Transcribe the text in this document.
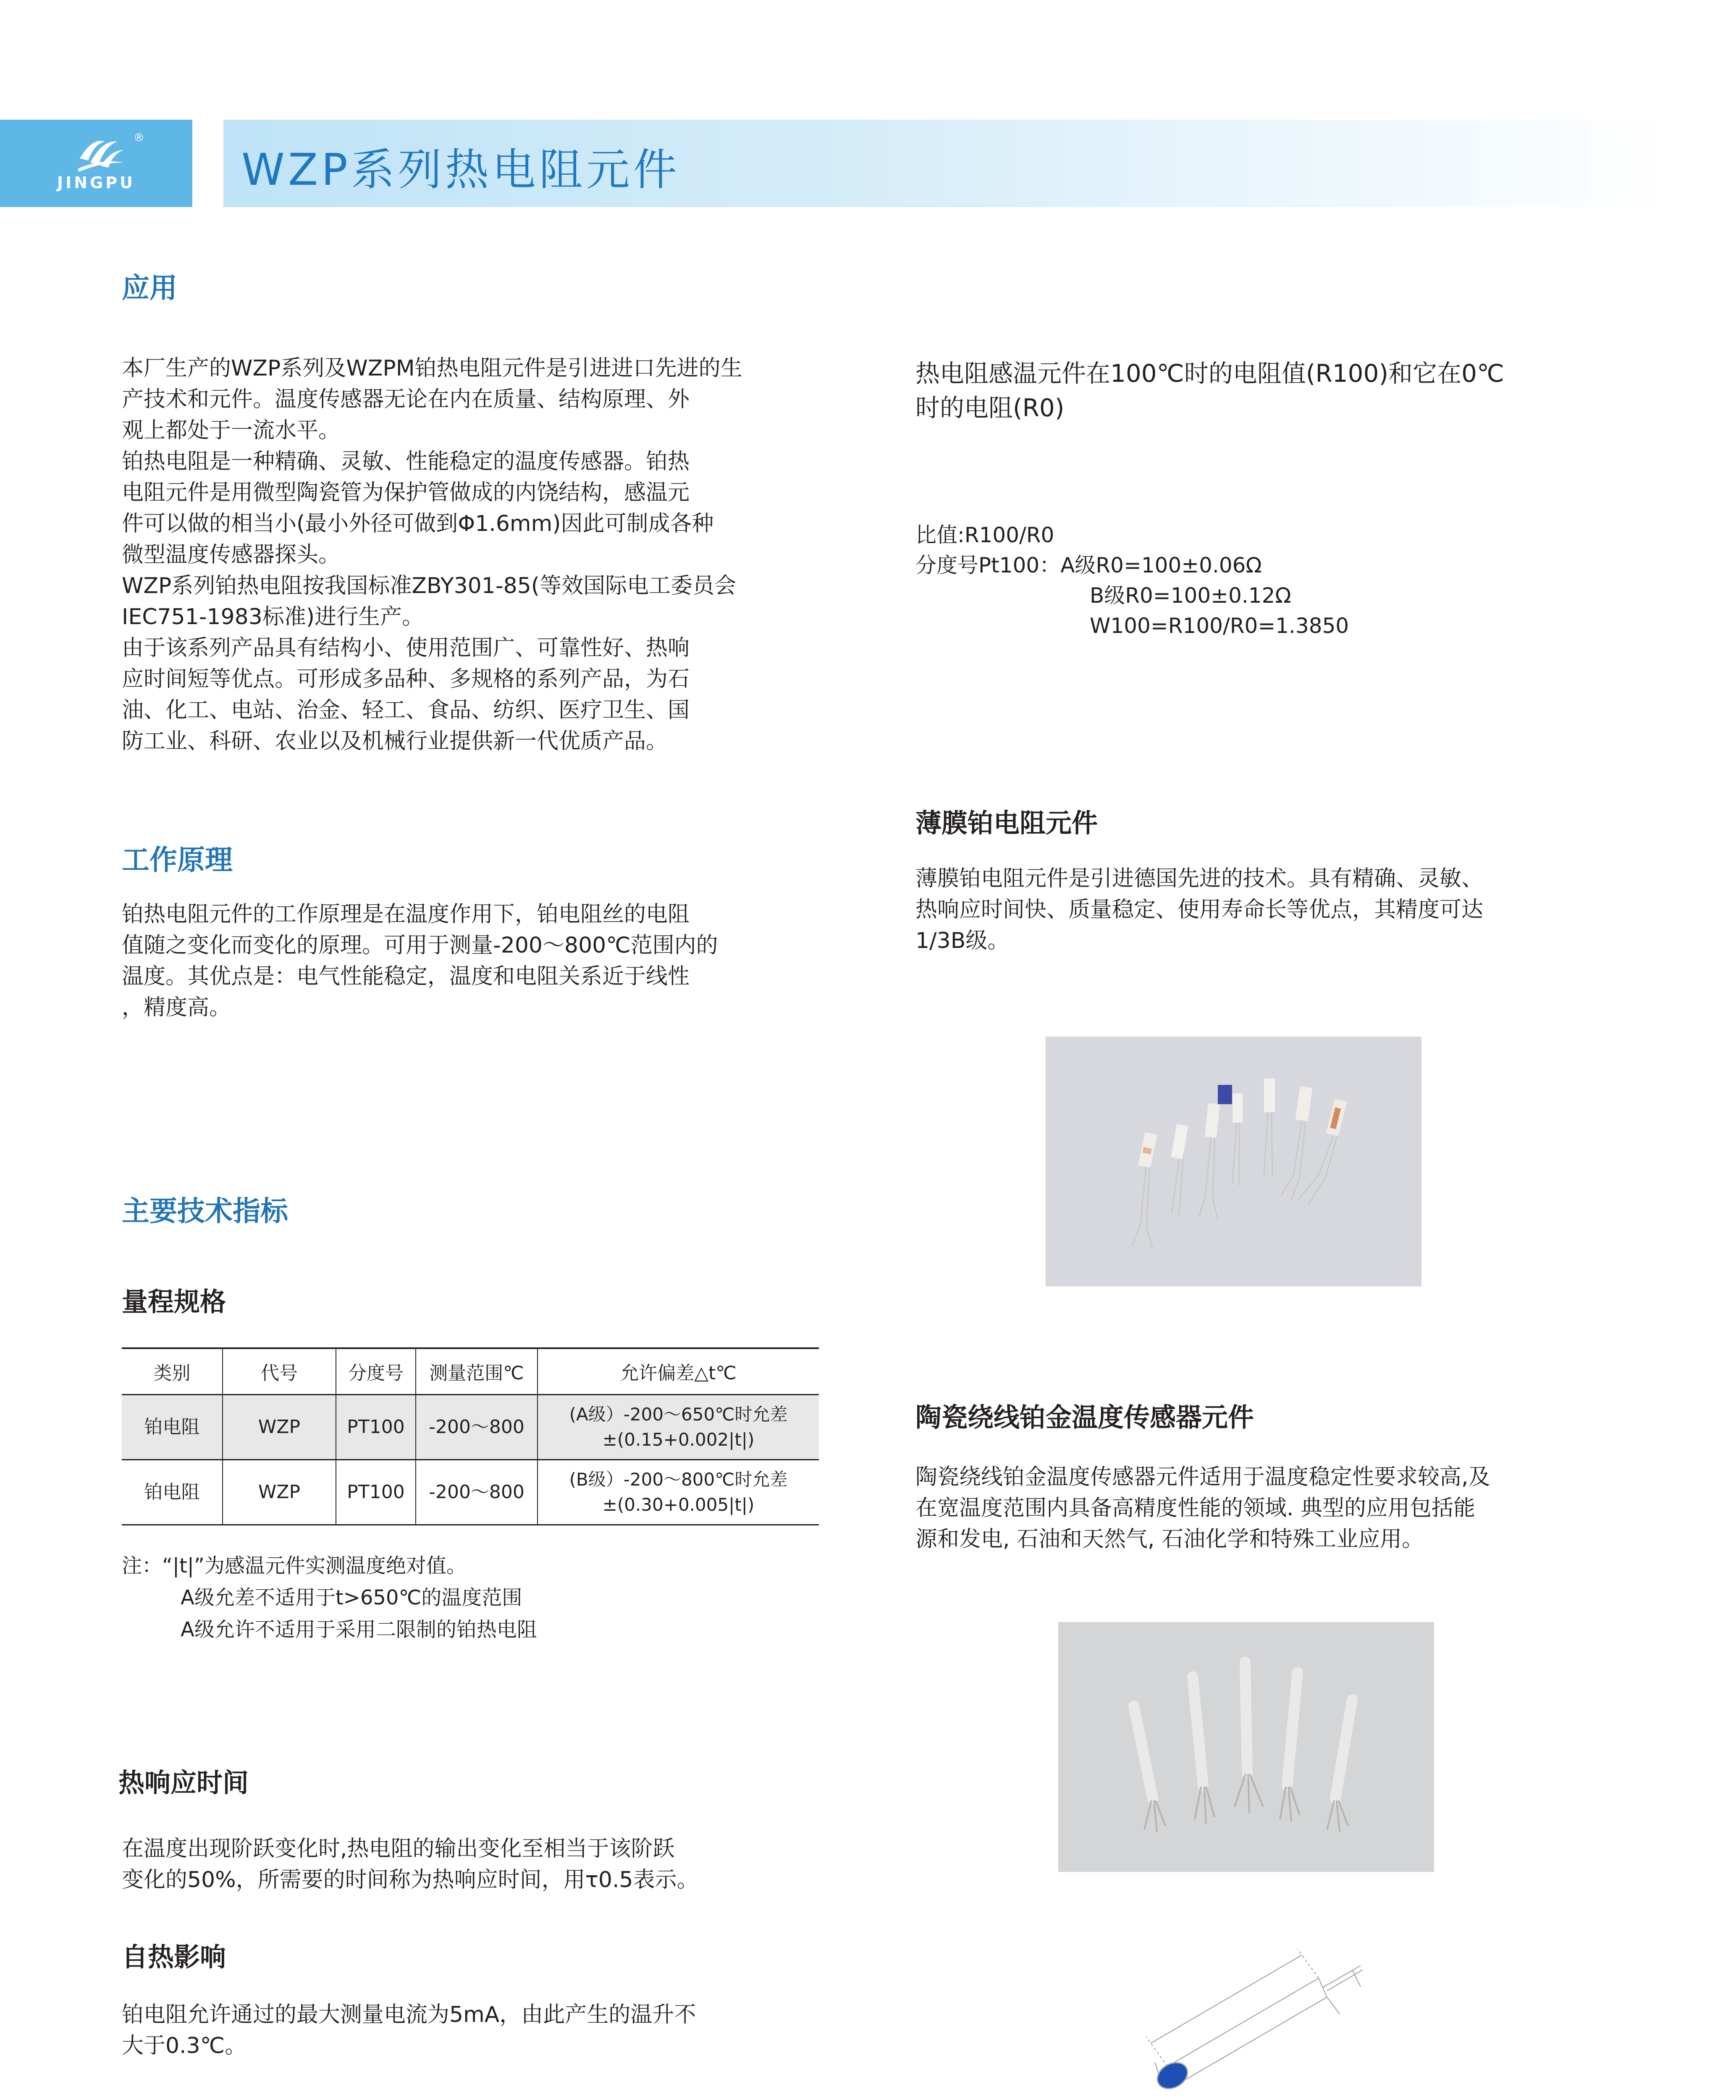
®
JINGPU	WZP系列热电阻元件
应用
本厂生产的WZP系列及WZPM铂热电阻元件是引进进口先进的生
产技术和元件。温度传感器无论在内在质量、结构原理、外
观上都处于一流水平。
铂热电阻是一种精确、灵敏、性能稳定的温度传感器。铂热
电阻元件是用微型陶瓷管为保护管做成的内饶结构，感温元
件可以做的相当小(最小外径可做到Φ1.6mm)因此可制成各种
微型温度传感器探头。
WZP系列铂热电阻按我国标准ZBY301-85(等效国际电工委员会
IEC751-1983标准)进行生产。
由于该系列产品具有结构小、使用范围广、可靠性好、热响
应时间短等优点。可形成多品种、多规格的系列产品，为石
油、化工、电站、治金、轻工、食品、纺织、医疗卫生、国
防工业、科研、农业以及机械行业提供新一代优质产品。
工作原理
铂热电阻元件的工作原理是在温度作用下，铂电阻丝的电阻
值随之变化而变化的原理。可用于测量-200～800℃范围内的
温度。其优点是：电气性能稳定，温度和电阻关系近于线性
，精度高。
主要技术指标
量程规格
类别	代号	分度号	测量范围℃	允许偏差△t℃
铂电阻	WZP	PT100	-200～800	(A级）-200～650℃时允差
±(0.15+0.002|t|)

铂电阻	WZP	PT100	-200～800	(B级）-200～800℃时允差
±(0.30+0.005|t|)
注：“|t|”为感温元件实测温度绝对值。
A级允差不适用于t>650℃的温度范围
A级允许不适用于采用二限制的铂热电阻
热响应时间
在温度出现阶跃变化时,热电阻的输出变化至相当于该阶跃
变化的50%，所需要的时间称为热响应时间，用τ0.5表示。
自热影响
铂电阻允许通过的最大测量电流为5mA，由此产生的温升不
大于0.3℃。
热电阻感温元件在100℃时的电阻值(R100)和它在0℃
时的电阻(R0)
比值:R100/R0
分度号Pt100：A级R0=100±0.06Ω
B级R0=100±0.12Ω
W100=R100/R0=1.3850
薄膜铂电阻元件
薄膜铂电阻元件是引进德国先进的技术。具有精确、灵敏、
热响应时间快、质量稳定、使用寿命长等优点，其精度可达
1/3B级。
陶瓷绕线铂金温度传感器元件
陶瓷绕线铂金温度传感器元件适用于温度稳定性要求较高,及
在宽温度范围内具备高精度性能的领域. 典型的应用包括能
源和发电, 石油和天然气, 石油化学和特殊工业应用。
